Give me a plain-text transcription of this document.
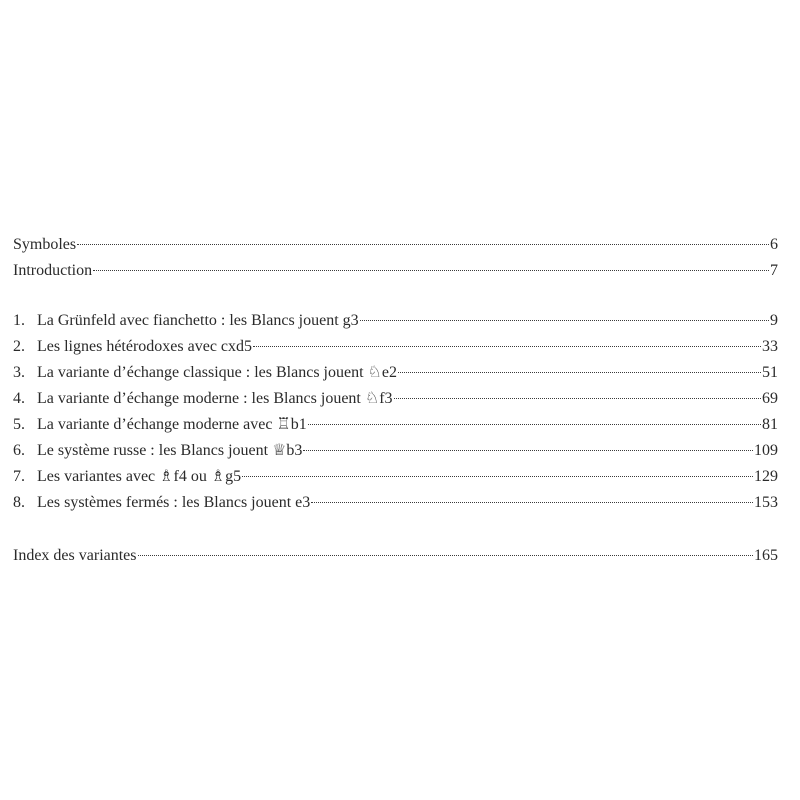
Symboles	6
Introduction	7
1. La Grünfeld avec fianchetto : les Blancs jouent g3	9
2. Les lignes hétérodoxes avec cxd5	33
3. La variante d’échange classique : les Blancs jouent ♘e2	51
4. La variante d’échange moderne : les Blancs jouent ♘f3	69
5. La variante d’échange moderne avec ♖b1	81
6. Le système russe : les Blancs jouent ♕b3	109
7. Les variantes avec ♗f4 ou ♗g5	129
8. Les systèmes fermés : les Blancs jouent e3	153
Index des variantes	165
